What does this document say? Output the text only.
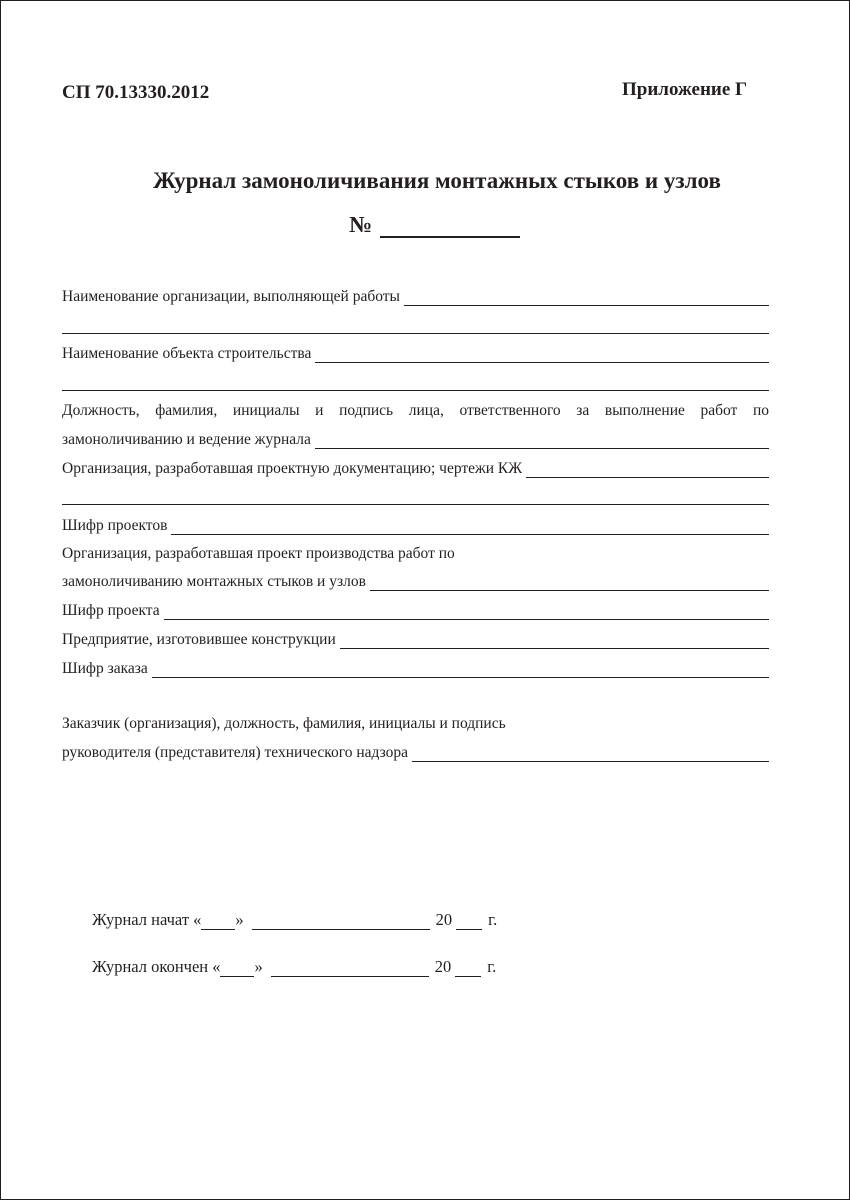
СП 70.13330.2012	Приложение Г
Журнал замоноличивания монтажных стыков и узлов
№
Наименование организации, выполняющей работы
Наименование объекта строительства
Должность, фамилия, инициалы и подпись лица, ответственного за выполнение работ по
замоноличиванию и ведение журнала
Организация, разработавшая проектную документацию; чертежи КЖ
Шифр проектов
Организация, разработавшая проект производства работ по
замоноличиванию монтажных стыков и узлов
Шифр проекта
Предприятие, изготовившее конструкции
Шифр заказа
Заказчик (организация), должность, фамилия, инициалы и подпись
руководителя (представителя) технического надзора
Журнал начат « »	20 г.
Журнал окончен « »	20 г.
